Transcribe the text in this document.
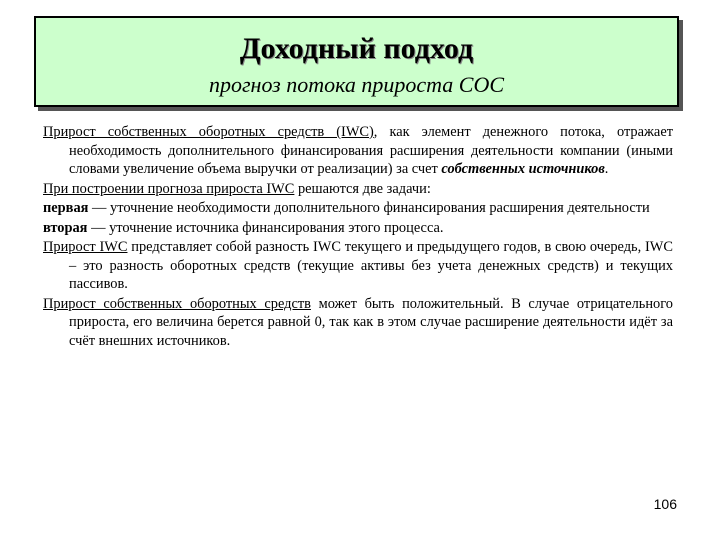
Доходный подход
прогноз потока прироста СОС

Прирост собственных оборотных средств (IWC), как элемент денежного потока, отражает необходимость дополнительного финансирования расширения деятельности компании (иными словами увеличение объема выручки от реализации) за счет собственных источников.

При построении прогноза прироста IWC решаются две задачи:

первая — уточнение необходимости дополнительного финансирования расширения деятельности

вторая — уточнение источника финансирования этого процесса.

Прирост IWC представляет собой разность IWC текущего и предыдущего годов, в свою очередь, IWC – это разность оборотных средств (текущие активы без учета денежных средств) и текущих пассивов.

Прирост собственных оборотных средств может быть положительный. В случае отрицательного прироста, его величина берется равной 0, так как в этом случае расширение деятельности идёт за счёт внешних источников.

106
